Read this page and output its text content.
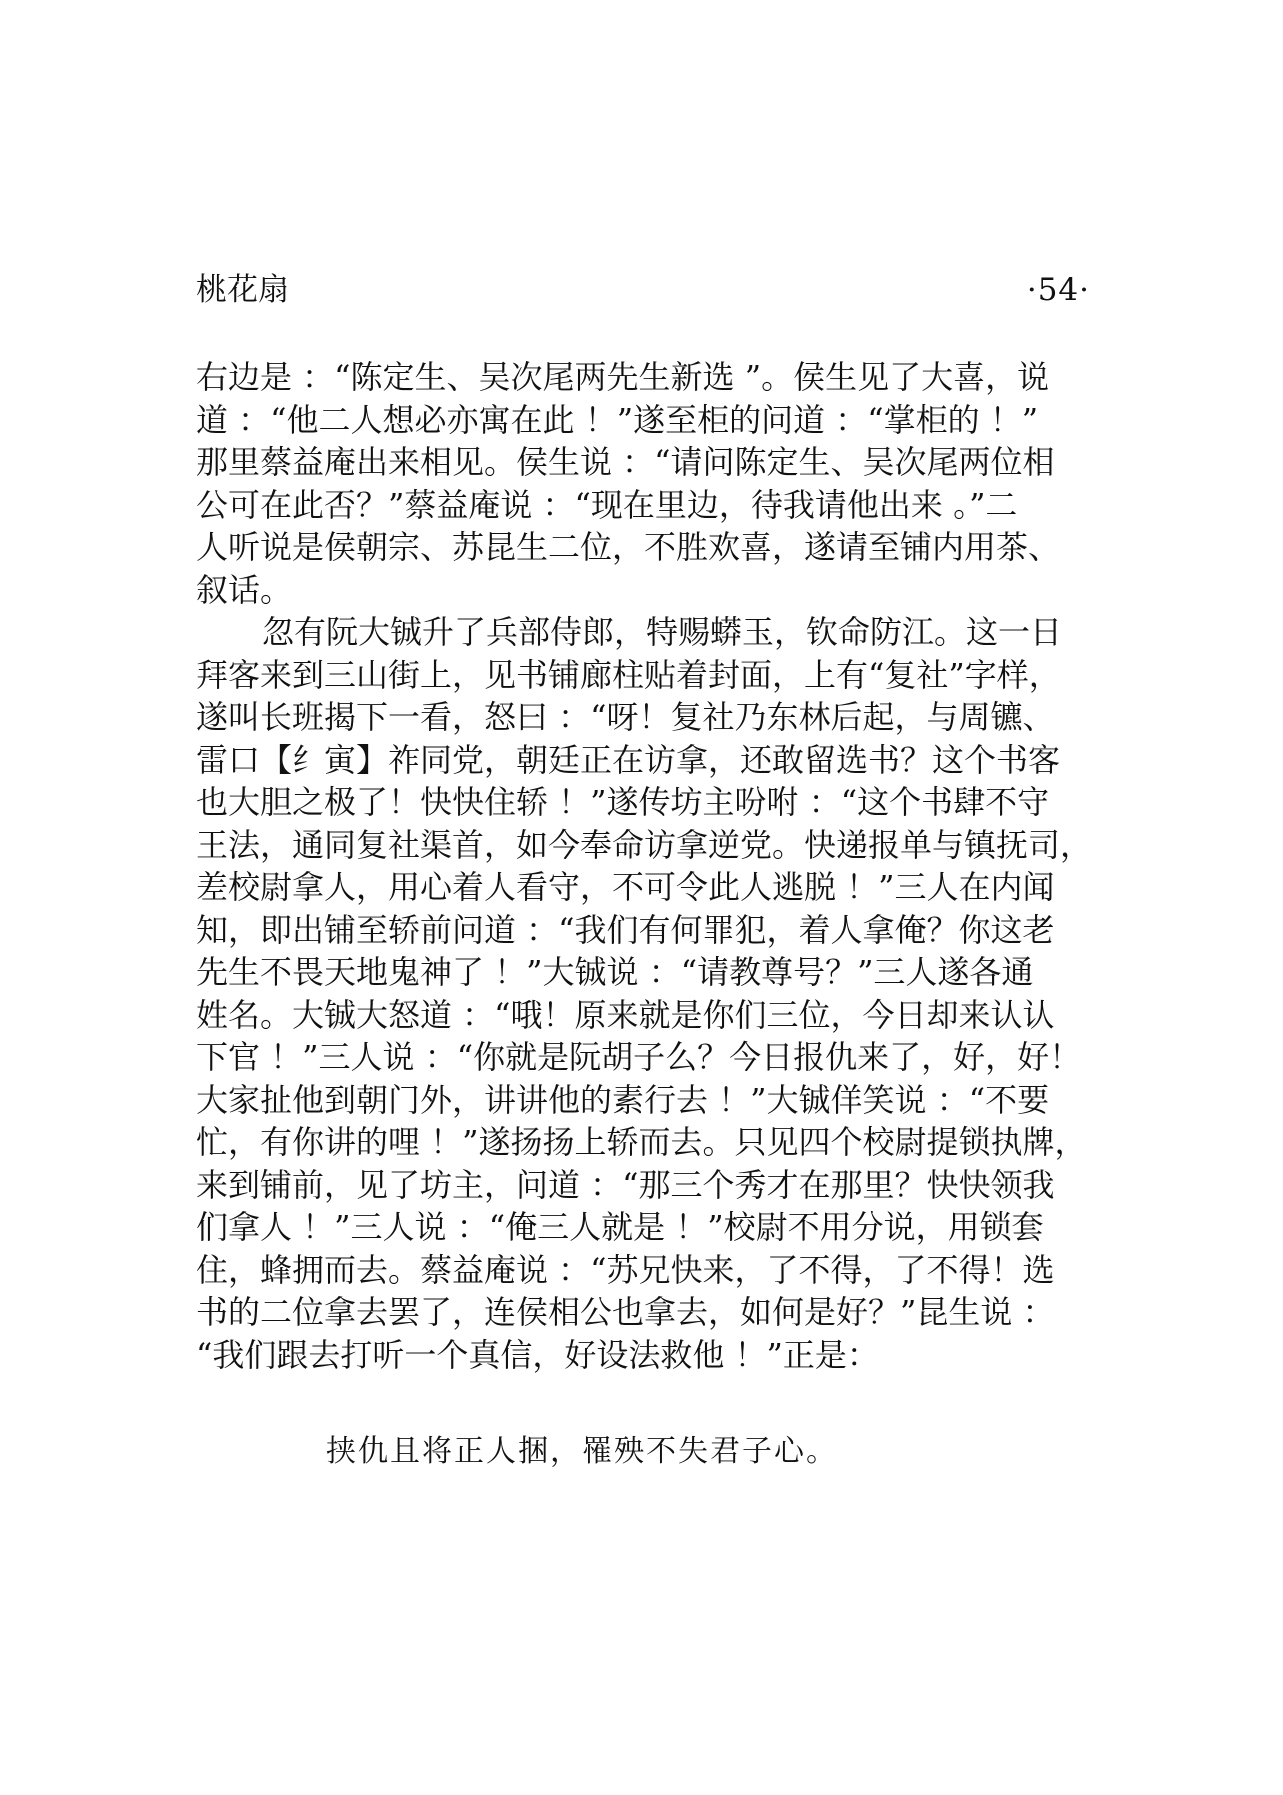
桃花扇	·54·
右边是 ：“陈定生、吴次尾两先生新选 ”。侯生见了大喜，说
道 ：“他二人想必亦寓在此 ！”遂至柜的问道 ：“掌柜的 ！”
那里蔡益庵出来相见。侯生说 ：“请问陈定生、吴次尾两位相
公可在此否？”蔡益庵说 ：“现在里边，待我请他出来 。”二
人听说是侯朝宗、苏昆生二位，不胜欢喜，遂请至铺内用茶、
叙话。
忽有阮大铖升了兵部侍郎，特赐蟒玉，钦命防江。这一日
拜客来到三山街上，见书铺廊柱贴着封面，上有“复社”字样，
遂叫长班揭下一看，怒曰 ：“呀！复社乃东林后起，与周镳、
雷口【纟寅】祚同党，朝廷正在访拿，还敢留选书？这个书客
也大胆之极了！快快住轿 ！”遂传坊主吩咐 ：“这个书肆不守
王法，通同复社渠首，如今奉命访拿逆党。快递报单与镇抚司，
差校尉拿人，用心着人看守，不可令此人逃脱 ！”三人在内闻
知，即出铺至轿前问道 ：“我们有何罪犯，着人拿俺？你这老
先生不畏天地鬼神了 ！”大铖说 ：“请教尊号？”三人遂各通
姓名。大铖大怒道 ：“哦！原来就是你们三位，今日却来认认
下官 ！”三人说 ：“你就是阮胡子么？今日报仇来了，好，好！
大家扯他到朝门外，讲讲他的素行去 ！”大铖佯笑说 ：“不要
忙，有你讲的哩 ！”遂扬扬上轿而去。只见四个校尉提锁执牌，
来到铺前，见了坊主，问道 ：“那三个秀才在那里？快快领我
们拿人 ！”三人说 ：“俺三人就是 ！”校尉不用分说，用锁套
住，蜂拥而去。蔡益庵说 ：“苏兄快来，了不得，了不得！选
书的二位拿去罢了，连侯相公也拿去，如何是好？”昆生说 ：
“我们跟去打听一个真信，好设法救他 ！”正是：
挟仇且将正人捆，罹殃不失君子心。
